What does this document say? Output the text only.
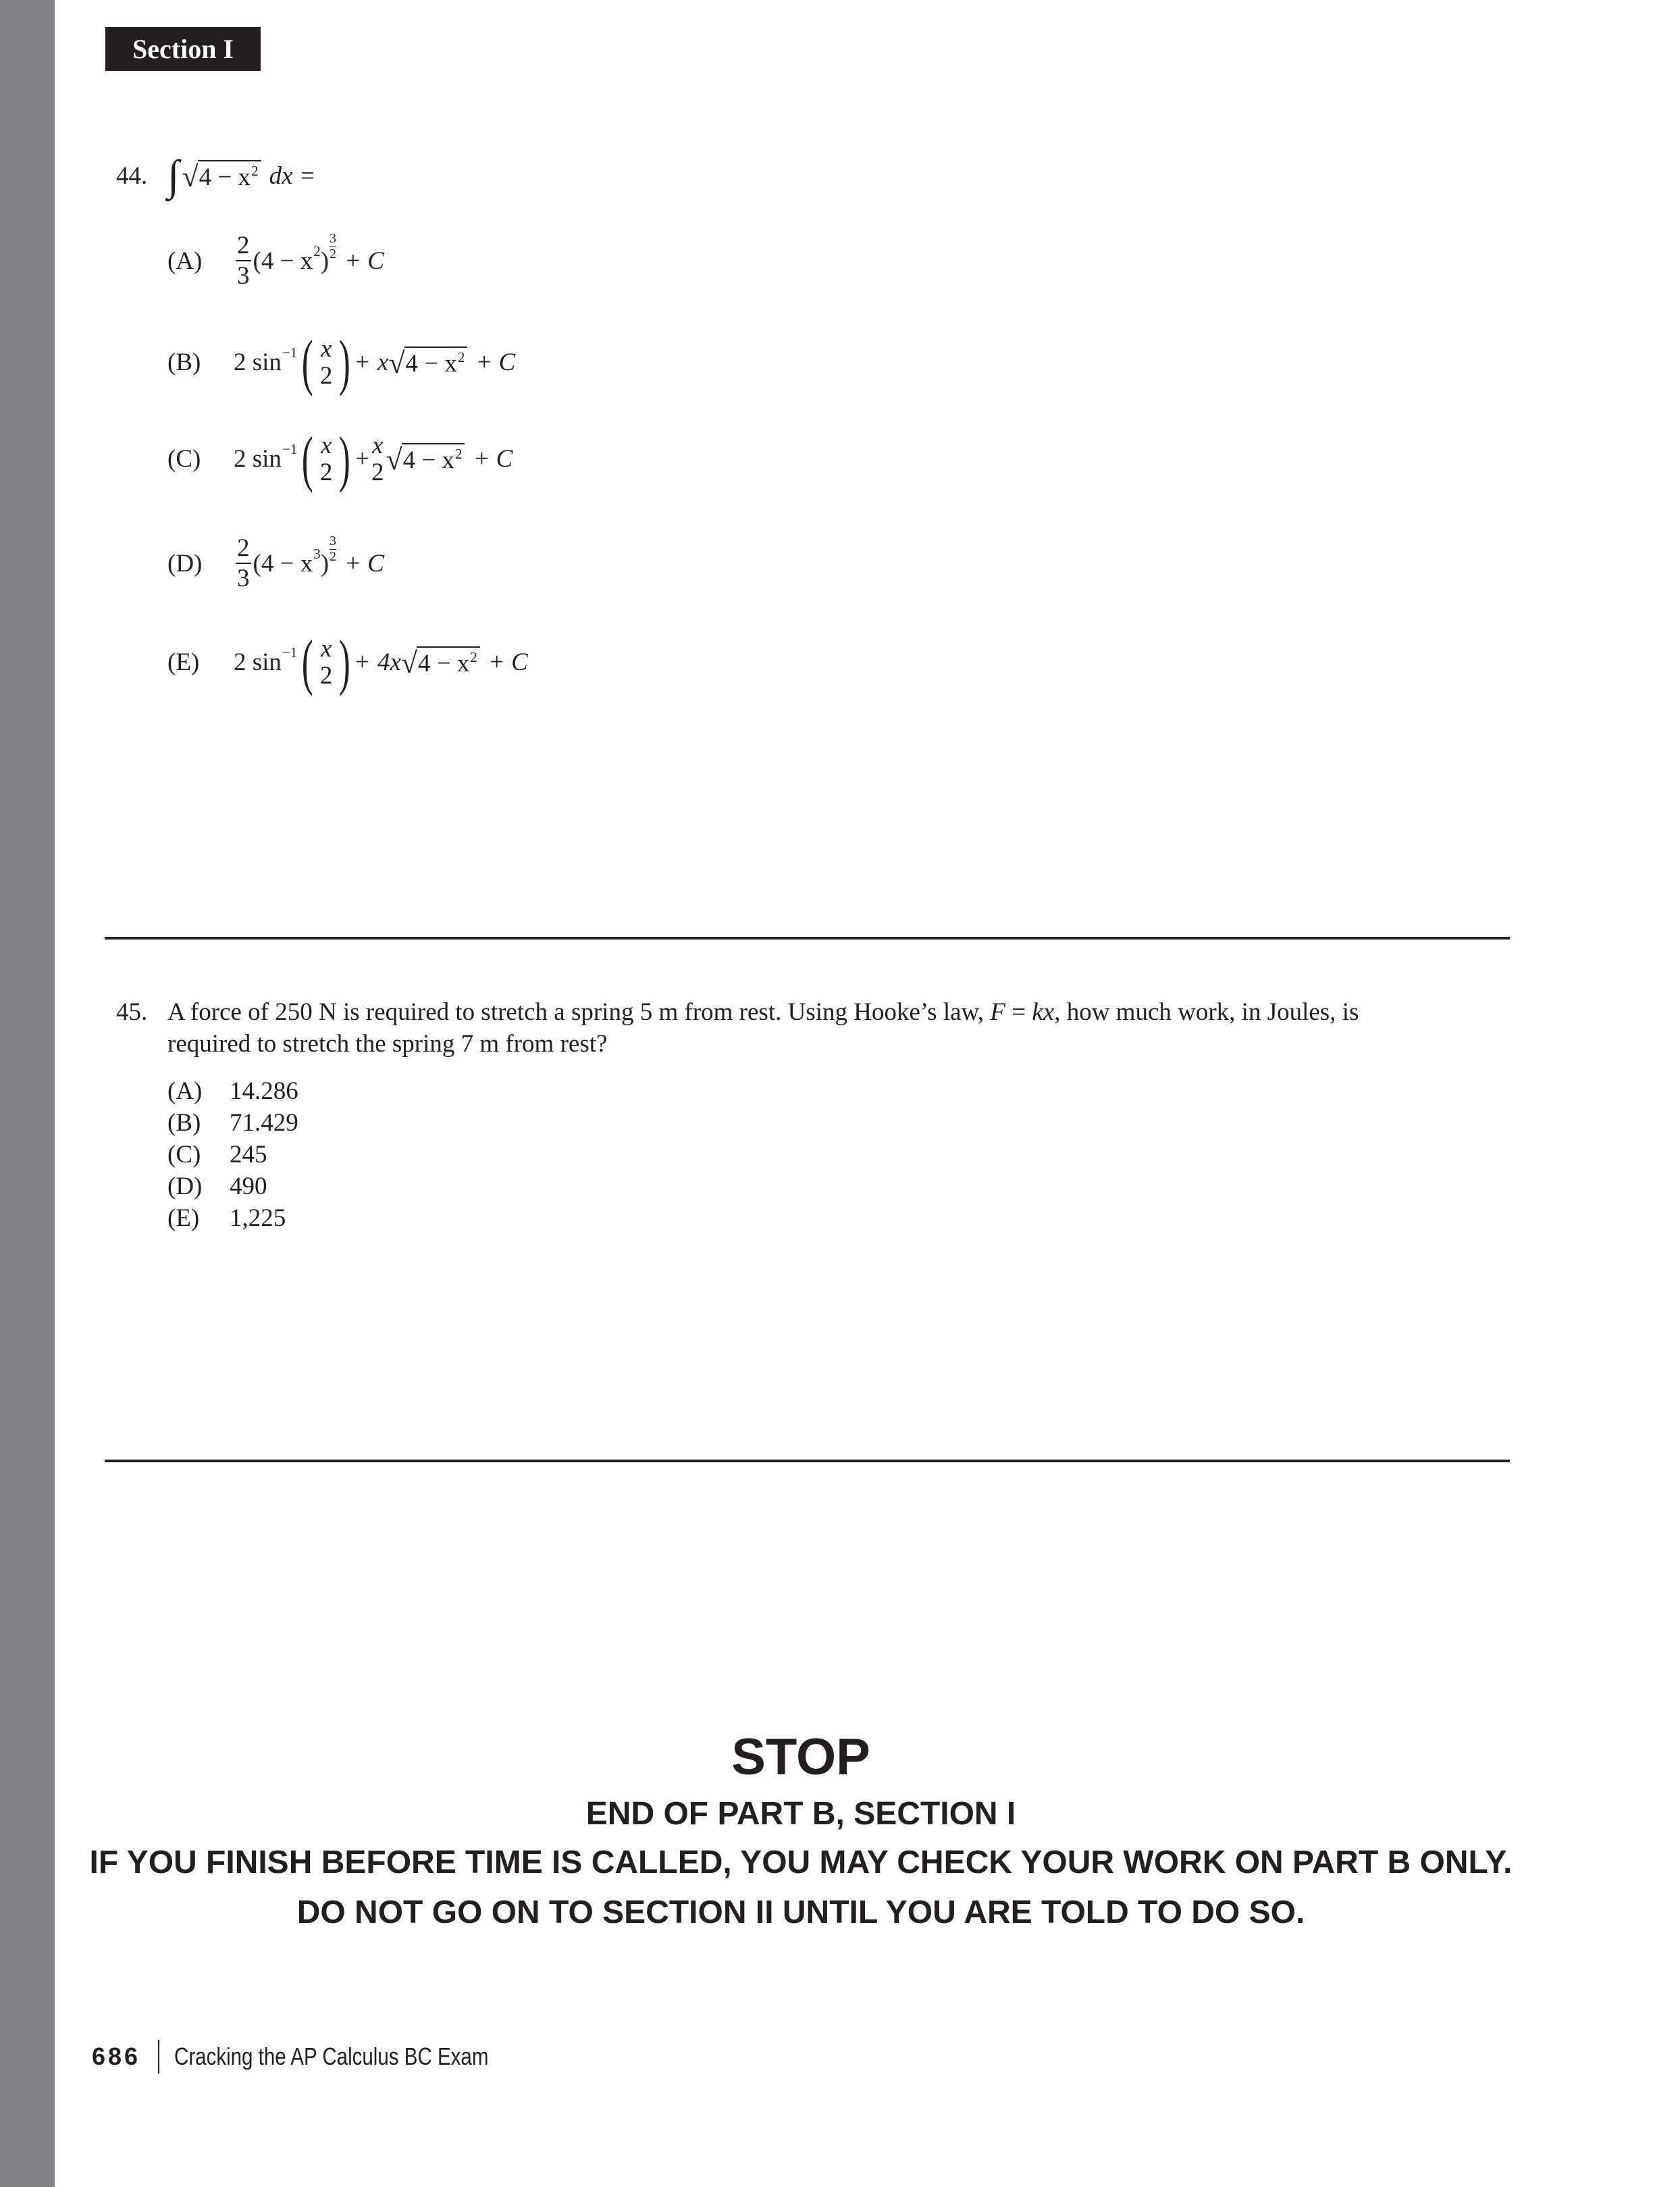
Section I
44. ∫ √ $4 - x^2$ dx =
(A)	$\frac{2}{3} (4 - x$ 2 )
$\frac{3}{2}$
+ C
(B)	2 sin −1 ( x
2 ) + x √ $4 - x^2 + C$
(C)	2 sin −1 ( x
2 ) + x
2 √ $4 - x^2 + C$
(D)	$\frac{2}{3} (4 - x$ 3 )
$\frac{3}{2}$
+ C
(E)	2 sin −1 ( x
2 ) + 4x √ $4 - x^2 + C$
45. A force of 250 N is required to stretch a spring 5 m from rest. Using Hooke’s law, F = kx, how much work, in Joules, is
required to stretch the spring 7 m from rest?
(A) 14.286
(B) 71.429
(C) 245
(D) 490
(E) 1,225
STOP
END OF PART B, SECTION I
IF YOU FINISH BEFORE TIME IS CALLED, YOU MAY CHECK YOUR WORK ON PART B ONLY.
DO NOT GO ON TO SECTION II UNTIL YOU ARE TOLD TO DO SO.
686 Cracking the AP Calculus BC Exam
